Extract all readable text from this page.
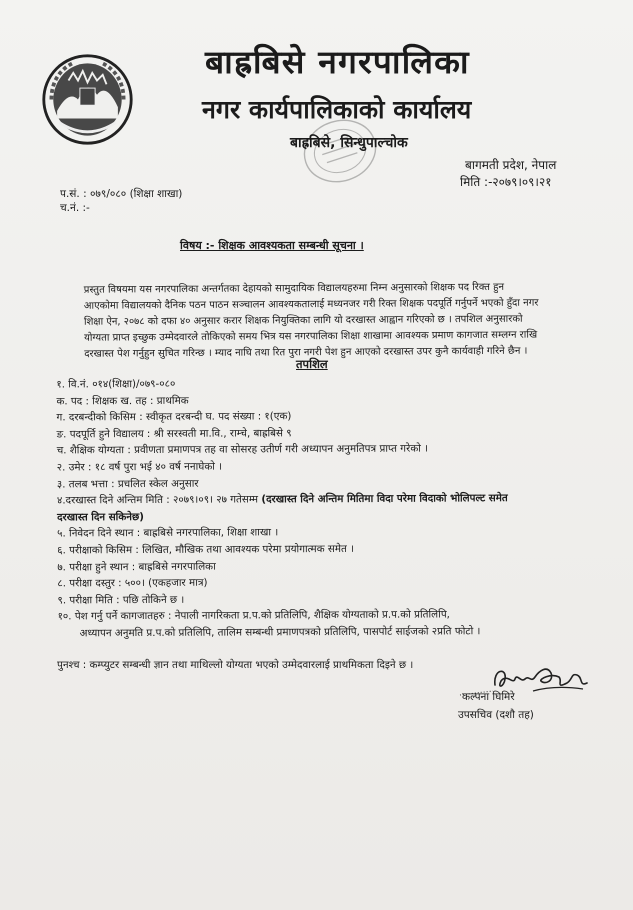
बाह्रबिसे नगरपालिका
नगर कार्यपालिकाको कार्यालय
बाह्रबिसे, सिन्धुपाल्चोक
बागमती प्रदेश, नेपाल
मिति :-२०७९।०९।२१
प.सं. : ०७९/०८० (शिक्षा शाखा)
च.नं. :-
विषय :- शिक्षक आवश्यकता सम्बन्धी सूचना ।
प्रस्तुत विषयमा यस नगरपालिका अन्तर्गतका देहायको सामुदायिक विद्यालयहरुमा निम्न अनुसारको शिक्षक पद रिक्त हुन
आएकोमा विद्यालयको दैनिक पठन पाठन सञ्चालन आवश्यकतालाई मध्यनजर गरी रिक्त शिक्षक पदपूर्ति गर्नुपर्ने भएको हुँदा नगर
शिक्षा ऐन, २०७८ को दफा ४० अनुसार करार शिक्षक नियुक्तिका लागि यो दरखास्त आह्वान गरिएको छ । तपशिल अनुसारको
योग्यता प्राप्त इच्छुक उम्मेदवारले तोकिएको समय भित्र यस नगरपालिका शिक्षा शाखामा आवश्यक प्रमाण कागजात सम्लग्न राखि
दरखास्त पेश गर्नुहुन सुचित गरिन्छ । म्याद नाघि तथा रित पुरा नगरी पेश हुन आएको दरखास्त उपर कुनै कार्यवाही गरिने छैन ।
तपशिल
१. वि.नं. ०१४(शिक्षा)/०७९-०८०
क. पद : शिक्षक ख. तह : प्राथमिक
ग. दरबन्दीको किसिम : स्वीकृत दरबन्दी घ. पद संख्या : १(एक)
ङ. पदपूर्ति हुने विद्यालय : श्री सरस्वती मा.वि., राम्चे, बाह्रबिसे ९
च. शैक्षिक योग्यता : प्रवीणता प्रमाणपत्र तह वा सोसरह उतीर्ण गरी अध्यापन अनुमतिपत्र प्राप्त गरेको ।
२. उमेर : १८ वर्ष पुरा भई ४० वर्ष ननाघेको ।
३. तलब भत्ता : प्रचलित स्केल अनुसार
४.दरखास्त दिने अन्तिम मिति : २०७९।०९। २७ गतेसम्म (दरखास्त दिने अन्तिम मितिमा विदा परेमा विदाको भोलिपल्ट समेत
दरखास्त दिन सकिनेछ)
५. निवेदन दिने स्थान : बाह्रबिसे नगरपालिका, शिक्षा शाखा ।
६. परीक्षाको किसिम : लिखित, मौखिक तथा आवश्यक परेमा प्रयोगात्मक समेत ।
७. परीक्षा हुने स्थान : बाह्रबिसे नगरपालिका
८. परीक्षा दस्तुर : ५००। (एकहजार मात्र)
९. परीक्षा मिति : पछि तोकिने छ ।
१०. पेश गर्नु पर्ने कागजातहरु : नेपाली नागरिकता प्र.प.को प्रतिलिपि, शैक्षिक योग्यताको प्र.प.को प्रतिलिपि,
अध्यापन अनुमति प्र.प.को प्रतिलिपि, तालिम सम्बन्धी प्रमाणपत्रको प्रतिलिपि, पासपोर्ट साईजको २प्रति फोटो ।
पुनश्च : कम्प्युटर सम्बन्धी ज्ञान तथा माथिल्लो योग्यता भएको उम्मेदवारलाई प्राथमिकता दिइने छ ।
कल्पना घिमिरे
उपसचिव (दशौ तह)
